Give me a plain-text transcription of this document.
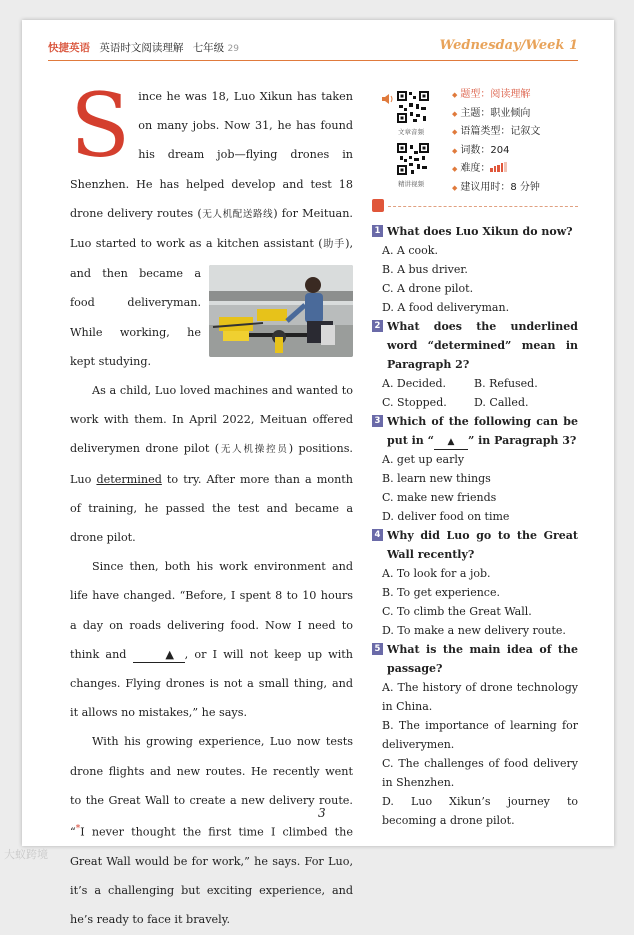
快捷英语 英语时文阅读理解 七年级 29	Wednesday/Week 1

Since he was 18, Luo Xikun has taken on many jobs. Now 31, he has found his dream job—flying drones in Shenzhen. He has helped develop and test 18 drone delivery routes (无人机配送路线) for Meituan. Luo started to work as a kitchen assistant (
助手), and then became a food deliveryman. While working, he kept studying.

As a child, Luo loved machines and wanted to work with them. In April 2022, Meituan offered deliverymen drone pilot (无人机操控员) positions. Luo determined to try. After more than a month of training, he passed the test and became a drone pilot.

Since then, both his work environment and life have changed. “Before, I spent 8 to 10 hours a day on roads delivering food. Now I need to think and	▲ , or I will not keep up with changes. Flying drones is not a small thing, and it allows no mistakes,” he says.

With his growing experience, Luo now tests drone flights and new routes. He recently went to the Great Wall to create a new delivery route. “*I never thought the first time I climbed the Great Wall would be for work,” he says. For Luo, it’s a challenging but exciting experience, and he’s ready to face it bravely.

文章音频
精讲视频
◆ 题型：阅读理解
◆ 主题：职业倾向
◆ 语篇类型：记叙文
◆ 词数：204
◆ 难度：
◆ 建议用时：8 分钟
1 What does Luo Xikun do now?
A. A cook.
B. A bus driver.
C. A drone pilot.
D. A food deliveryman.
2 What does the underlined word “determined” mean in Paragraph 2?
A. Decided.	B. Refused.
C. Stopped.	D. Called.
3 Which of the following can be put in “ ▲ ” in Paragraph 3?
A. get up early
B. learn new things
C. make new friends
D. deliver food on time
4 Why did Luo go to the Great Wall recently?
A. To look for a job.
B. To get experience.
C. To climb the Great Wall.
D. To make a new delivery route.
5 What is the main idea of the passage?
A. The history of drone technology in China.
B. The importance of learning for deliverymen.
C. The challenges of food delivery in Shenzhen.
D. Luo Xikun’s journey to becoming a drone pilot.
3
大蚁跨境
